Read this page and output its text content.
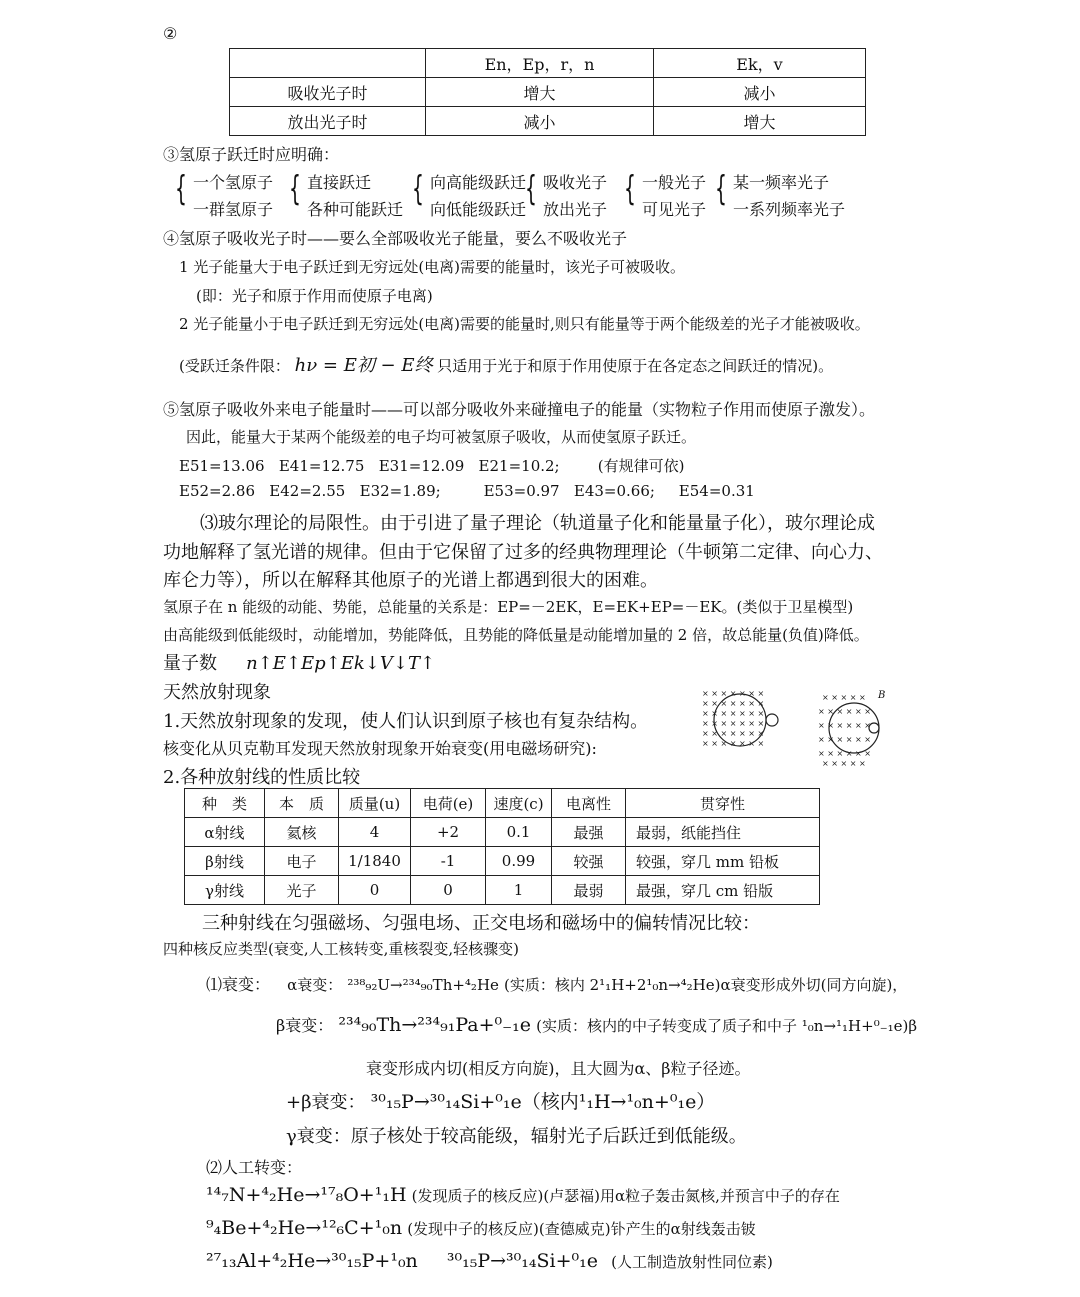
②
	En，Ep，r，n	Ek，v
吸收光子时	增大	减小
放出光子时	减小	增大
③氢原子跃迁时应明确：
{ 一个氢原子
一群氢原子
{ 直接跃迁
各种可能跃迁
{ 向高能级跃迁
向低能级跃迁
{ 吸收光子
放出光子
{ 一般光子
可见光子
{ 某一频率光子
一系列频率光子
④氢原子吸收光子时——要么全部吸收光子能量，要么不吸收光子
1 光子能量大于电子跃迁到无穷远处(电离)需要的能量时，该光子可被吸收。
(即：光子和原于作用而使原子电离)
2 光子能量小于电子跃迁到无穷远处(电离)需要的能量时,则只有能量等于两个能级差的光子才能被吸收。
(受跃迁条件限： hν = E初 − E终 只适用于光于和原于作用使原于在各定态之间跃迁的情况)。
⑤氢原子吸收外来电子能量时——可以部分吸收外来碰撞电子的能量（实物粒子作用而使原子激发）。
因此，能量大于某两个能级差的电子均可被氢原子吸收，从而使氢原子跃迁。
E51=13.06   E41=12.75   E31=12.09   E21=10.2;        (有规律可依)
E52=2.86   E42=2.55   E32=1.89;         E53=0.97   E43=0.66;     E54=0.31
⑶玻尔理论的局限性。由于引进了量子理论（轨道量子化和能量量子化），玻尔理论成
功地解释了氢光谱的规律。但由于它保留了过多的经典物理理论（牛顿第二定律、向心力、
库仑力等），所以在解释其他原子的光谱上都遇到很大的困难。
氢原子在 n 能级的动能、势能，总能量的关系是：EP=－2EK，E=EK+EP=－EK。(类似于卫星模型)
由高能级到低能级时，动能增加，势能降低，且势能的降低量是动能增加量的 2 倍，故总能量(负值)降低。
量子数 n↑E↑Ep↑Ek↓V↓T↑
天然放射现象
1.天然放射现象的发现，使人们认识到原子核也有复杂结构。
核变化从贝克勒耳发现天然放射现象开始衰变(用电磁场研究):
2.各种放射线的性质比较
× × × × × × ×
× × × × × × ×
× × × × × × ×
× × × × × × ×
× × × × × × ×
× × × × × × ×
× × × × ×
× × × × × ×
× × × × × ×
× × × × × ×
× × × × × ×
× × × × ×
B
种　类	本　质	质量(u)	电荷(e)	速度(c)	电离性	贯穿性
α射线	氦核	4	+2	0.1	最强	最弱，纸能挡住
β射线	电子	1/1840	-1	0.99	较强	较强，穿几 mm 铅板
γ射线	光子	0	0	1	最弱	最强，穿几 cm 铅版
三种射线在匀强磁场、匀强电场、正交电场和磁场中的偏转情况比较：
四种核反应类型(衰变,人工核转变,重核裂变,轻核骤变)
⑴衰变： α衰变： ²³⁸₉₂U→²³⁴₉₀Th+⁴₂He (实质：核内 2¹₁H+2¹₀n→⁴₂He)α衰变形成外切(同方向旋)，
β衰变： ²³⁴₉₀Th→²³⁴₉₁Pa+⁰₋₁e (实质：核内的中子转变成了质子和中子 ¹₀n→¹₁H+⁰₋₁e)β
衰变形成内切(相反方向旋)，且大圆为α、β粒子径迹。
+β衰变： ³⁰₁₅P→³⁰₁₄Si+⁰₁e（核内¹₁H→¹₀n+⁰₁e）
γ衰变：原子核处于较高能级，辐射光子后跃迁到低能级。
⑵人工转变：
¹⁴₇N+⁴₂He→¹⁷₈O+¹₁H (发现质子的核反应)(卢瑟福)用α粒子轰击氮核,并预言中子的存在
⁹₄Be+⁴₂He→¹²₆C+¹₀n (发现中子的核反应)(查德威克)钋产生的α射线轰击铍
²⁷₁₃Al+⁴₂He→³⁰₁₅P+¹₀n ³⁰₁₅P→³⁰₁₄Si+⁰₁e (人工制造放射性同位素)
